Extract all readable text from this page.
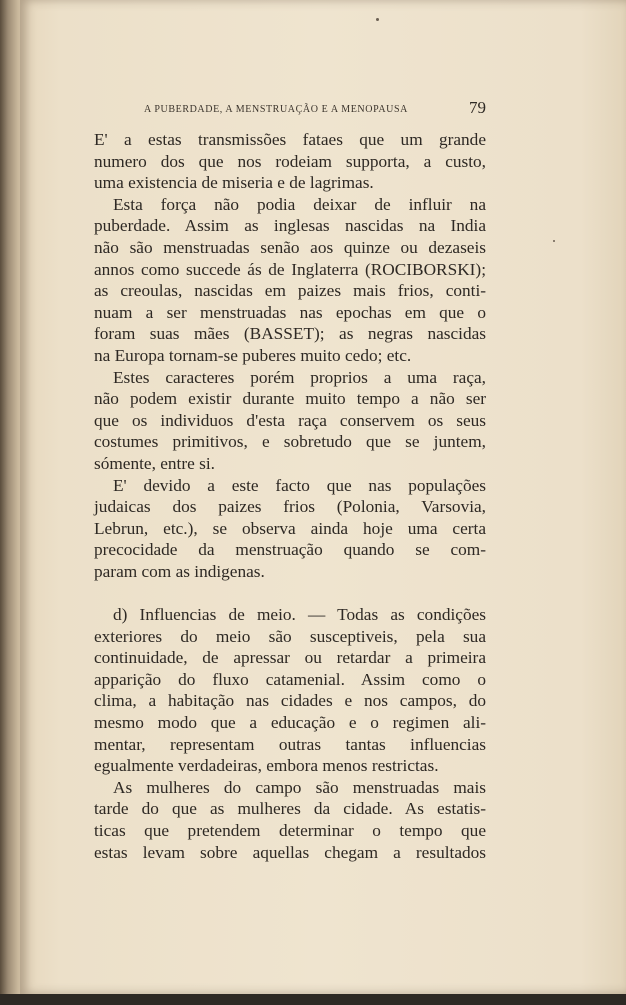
A PUBERDADE, A MENSTRUAÇÃO E A MENOPAUSA	79
E' a estas transmissões fataes que um grande
numero dos que nos rodeiam supporta, a custo,
uma existencia de miseria e de lagrimas.
Esta força não podia deixar de influir na
puberdade. Assim as inglesas nascidas na India
não são menstruadas senão aos quinze ou dezaseis
annos como succede ás de Inglaterra (ROCIBORSKI);
as creoulas, nascidas em paizes mais frios, conti-
nuam a ser menstruadas nas epochas em que o
foram suas mães (BASSET); as negras nascidas
na Europa tornam-se puberes muito cedo; etc.
Estes caracteres porém proprios a uma raça,
não podem existir durante muito tempo a não ser
que os individuos d'esta raça conservem os seus
costumes primitivos, e sobretudo que se juntem,
sómente, entre si.
E' devido a este facto que nas populações
judaicas dos paizes frios (Polonia, Varsovia,
Lebrun, etc.), se observa ainda hoje uma certa
precocidade da menstruação quando se com-
param com as indigenas.
d) Influencias de meio. — Todas as condições
exteriores do meio são susceptiveis, pela sua
continuidade, de apressar ou retardar a primeira
apparição do fluxo catamenial. Assim como o
clima, a habitação nas cidades e nos campos, do
mesmo modo que a educação e o regimen ali-
mentar, representam outras tantas influencias
egualmente verdadeiras, embora menos restrictas.
As mulheres do campo são menstruadas mais
tarde do que as mulheres da cidade. As estatis-
ticas que pretendem determinar o tempo que
estas levam sobre aquellas chegam a resultados
